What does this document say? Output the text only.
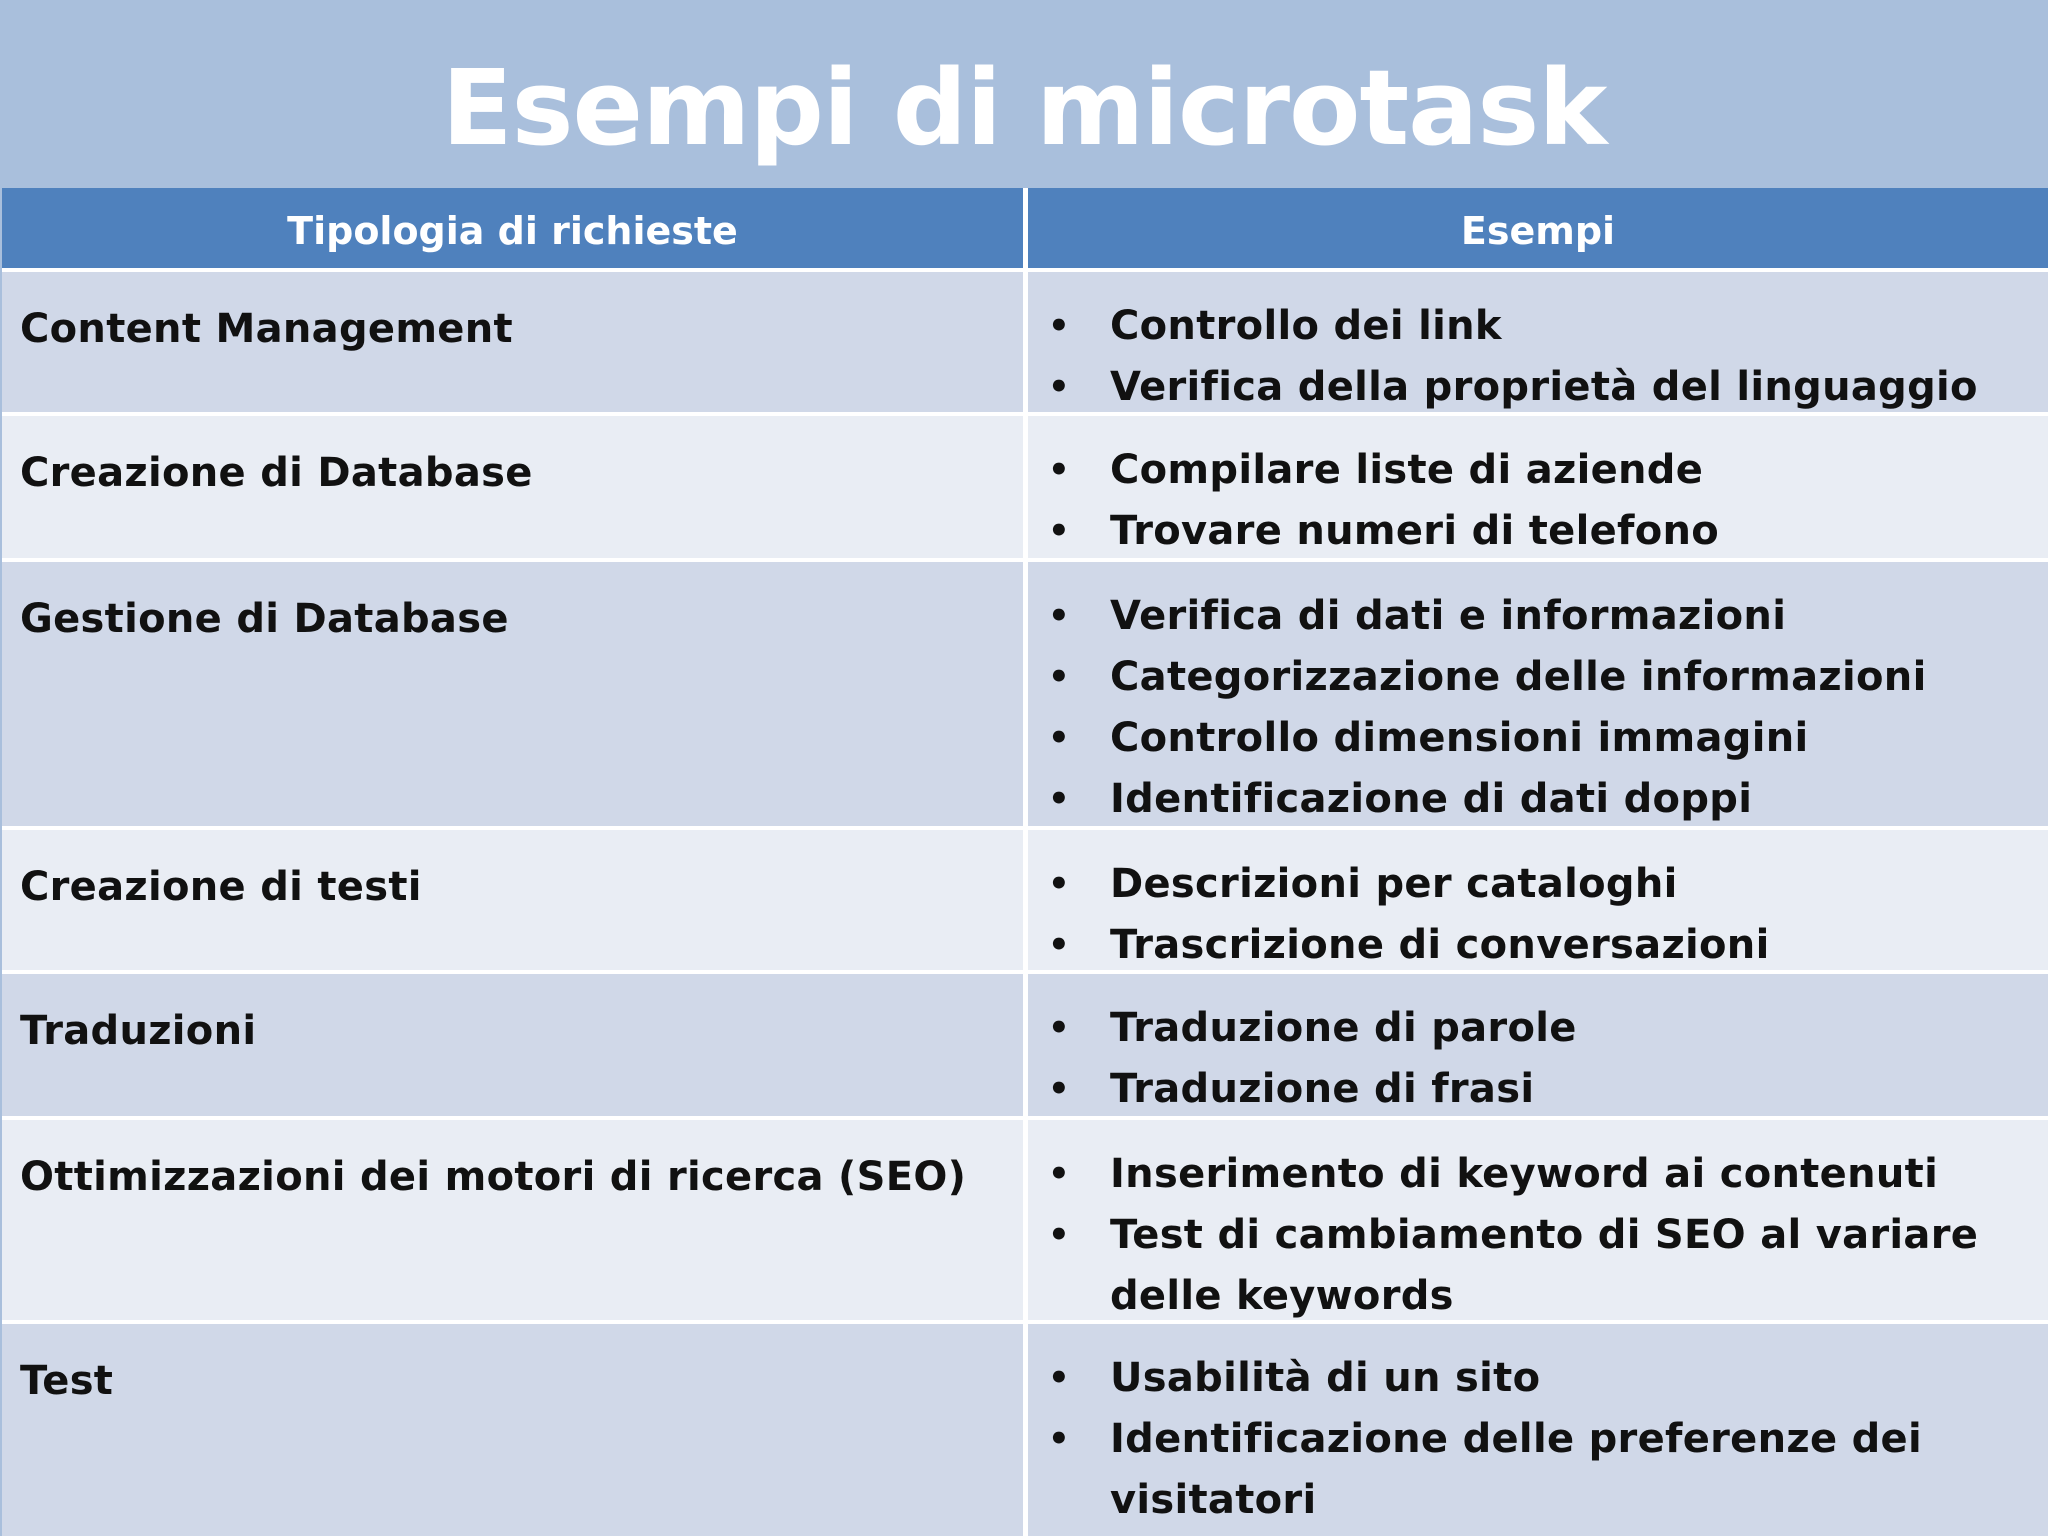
Esempi di microtask
Tipologia di richieste	Esempi
Content Management	• Controllo dei link
• Verifica della proprietà del linguaggio
Creazione di Database	• Compilare liste di aziende
• Trovare numeri di telefono
Gestione di Database	• Verifica di dati e informazioni
• Categorizzazione delle informazioni
• Controllo dimensioni immagini
• Identificazione di dati doppi
Creazione di testi	• Descrizioni per cataloghi
• Trascrizione di conversazioni
Traduzioni	• Traduzione di parole
• Traduzione di frasi
Ottimizzazioni dei motori di ricerca (SEO)	• Inserimento di keyword ai contenuti
• Test di cambiamento di SEO al variare delle keywords
Test	• Usabilità di un sito
• Identificazione delle preferenze dei visitatori
